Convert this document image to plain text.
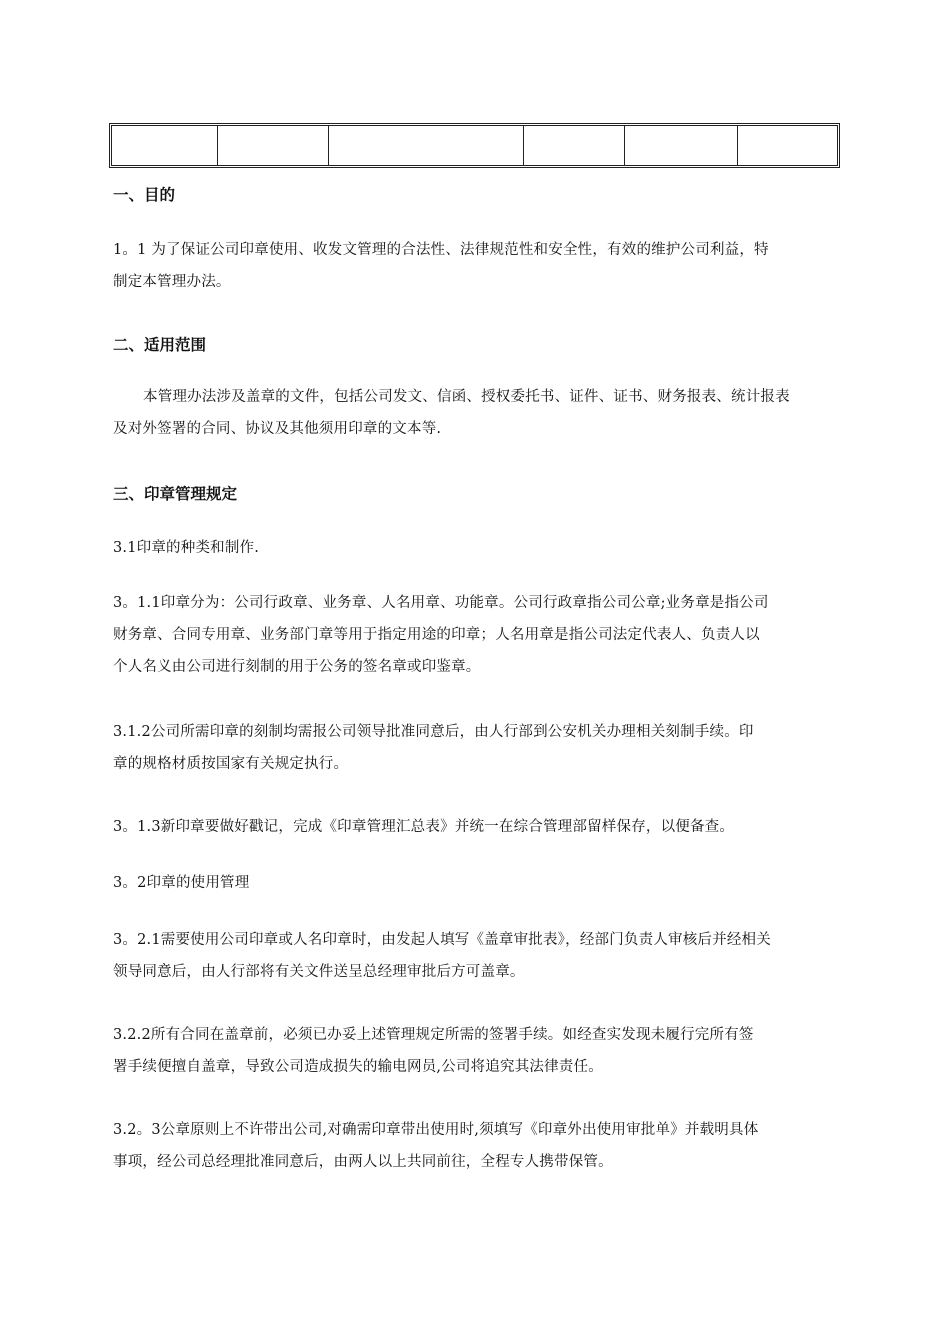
一、目的
1。1 为了保证公司印章使用、收发文管理的合法性、法律规范性和安全性，有效的维护公司利益，特
制定本管理办法。
二、适用范围
本管理办法涉及盖章的文件，包括公司发文、信函、授权委托书、证件、证书、财务报表、统计报表
及对外签署的合同、协议及其他须用印章的文本等.
三、印章管理规定
3.1印章的种类和制作.
3。1.1印章分为：公司行政章、业务章、人名用章、功能章。公司行政章指公司公章;业务章是指公司
财务章、合同专用章、业务部门章等用于指定用途的印章；人名用章是指公司法定代表人、负责人以
个人名义由公司进行刻制的用于公务的签名章或印鉴章。
3.1.2公司所需印章的刻制均需报公司领导批准同意后，由人行部到公安机关办理相关刻制手续。印
章的规格材质按国家有关规定执行。
3。1.3新印章要做好戳记，完成《印章管理汇总表》并统一在综合管理部留样保存，以便备查。
3。2印章的使用管理
3。2.1需要使用公司印章或人名印章时，由发起人填写《盖章审批表》，经部门负责人审核后并经相关
领导同意后，由人行部将有关文件送呈总经理审批后方可盖章。
3.2.2所有合同在盖章前，必须已办妥上述管理规定所需的签署手续。如经查实发现未履行完所有签
署手续便擅自盖章，导致公司造成损失的输电网员,公司将追究其法律责任。
3.2。3公章原则上不许带出公司,对确需印章带出使用时,须填写《印章外出使用审批单》并载明具体
事项，经公司总经理批准同意后，由两人以上共同前往，全程专人携带保管。
